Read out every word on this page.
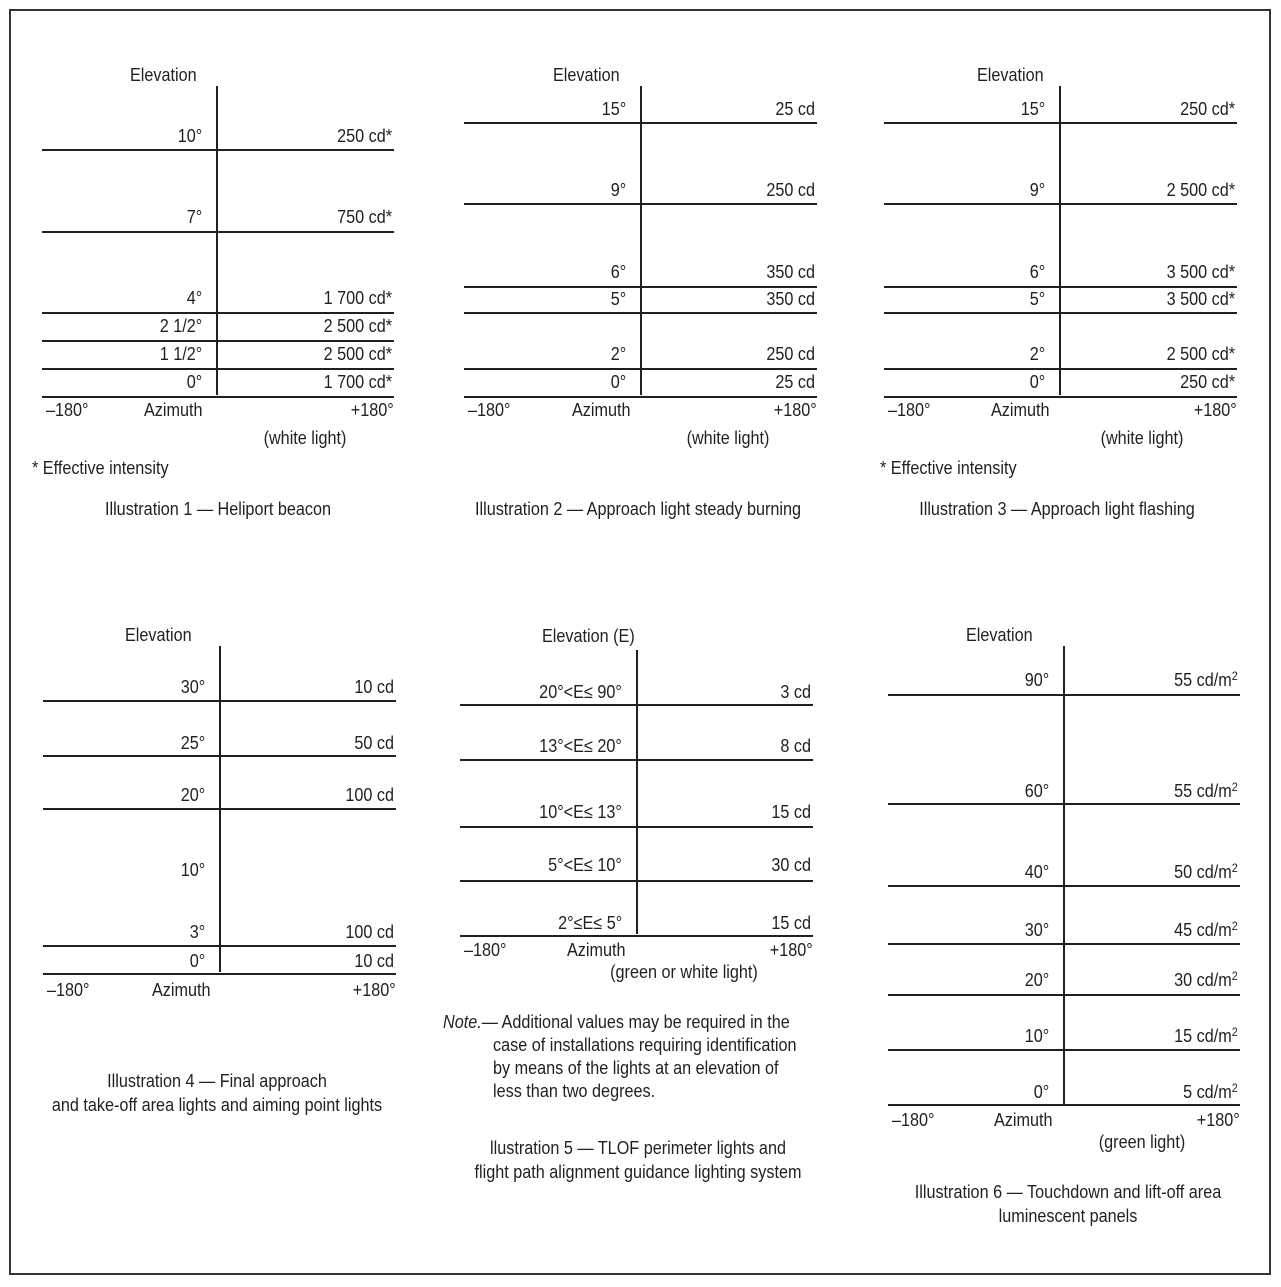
Elevation
10°	250 cd*
7°	750 cd*
4°	1 700 cd*
2 1/2°	2 500 cd*
1 1/2°	2 500 cd*
0°	1 700 cd*
–180°	Azimuth	+180°
(white light)
* Effective intensity
Illustration 1 — Heliport beacon
Elevation
15°	25 cd
9°	250 cd
6°	350 cd
5°	350 cd
2°	250 cd
0°	25 cd
–180°	Azimuth	+180°
(white light)
Illustration 2 — Approach light steady burning
Elevation
15°	250 cd*
9°	2 500 cd*
6°	3 500 cd*
5°	3 500 cd*
2°	2 500 cd*
0°	250 cd*
–180°	Azimuth	+180°
(white light)
* Effective intensity
Illustration 3 — Approach light flashing
Elevation
30°	10 cd
25°	50 cd
20°	100 cd
10°
3°	100 cd
0°	10 cd
–180°	Azimuth	+180°
Illustration 4 — Final approach
and take-off area lights and aiming point lights
Elevation (E)
20°<E≤ 90°	3 cd
13°<E≤ 20°	8 cd
10°<E≤ 13°	15 cd
5°<E≤ 10°	30 cd
2°≤E≤ 5°	15 cd
–180°	Azimuth	+180°
(green or white light)
Note.— Additional values may be required in the
case of installations requiring identification
by means of the lights at an elevation of
less than two degrees.
llustration 5 — TLOF perimeter lights and
flight path alignment guidance lighting system
Elevation
90°	55 $cd/m^2$
60°	55 $cd/m^2$
40°	50 $cd/m^2$
30°	45 $cd/m^2$
20°	30 $cd/m^2$
10°	15 $cd/m^2$
0°	5 $cd/m^2$
–180°	Azimuth	+180°
(green light)
Illustration 6 — Touchdown and lift-off area
luminescent panels
